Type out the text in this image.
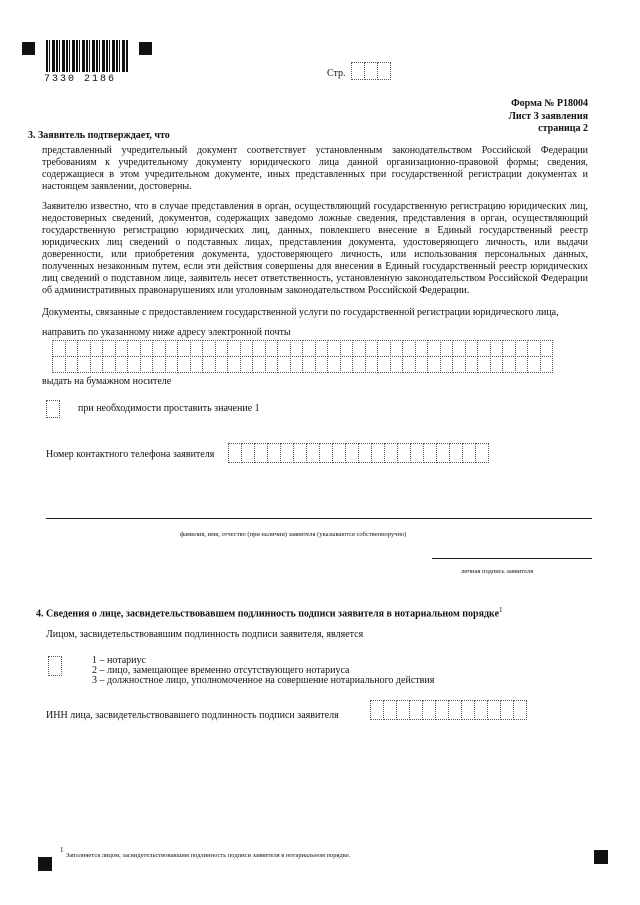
7330 2186
Стр.
Форма № Р18004
Лист З заявления
страница 2
3. Заявитель подтверждает, что
представленный учредительный документ соответствует установленным законодательством Российской Федерации
требованиям к учредительному документу юридического лица данной организационно-правовой формы; сведения,
содержащиеся в этом учредительном документе, иных представленных при государственной регистрации документах и
настоящем заявлении, достоверны.
Заявителю известно, что в случае представления в орган, осуществляющий государственную регистрацию юридических лиц,
недостоверных сведений, документов, содержащих заведомо ложные сведения, представления в орган, осуществляющий
государственную регистрацию юридических лиц, данных, повлекшего внесение в Единый государственный реестр
юридических лиц сведений о подставных лицах, представления документа, удостоверяющего личность, или выдачи
доверенности, или приобретения документа, удостоверяющего личность, или использования персональных данных,
полученных незаконным путем, если эти действия совершены для внесения в Единый государственный реестр юридических
лиц сведений о подставном лице, заявитель несет ответственность, установленную законодательством Российской Федерации
об административных правонарушениях или уголовным законодательством Российской Федерации.
Документы, связанные с предоставлением государственной услуги по государственной регистрации юридического лица,
направить по указанному ниже адресу электронной почты
выдать на бумажном носителе
при необходимости проставить значение 1
Номер контактного телефона заявителя
фамилия, имя, отчество (при наличии) заявителя (указываются собственноручно)
личная подпись заявителя
4. Сведения о лице, засвидетельствовавшем подлинность подписи заявителя в нотариальном порядке$^1$
Лицом, засвидетельствовавшим подлинность подписи заявителя, является
1 – нотариус
2 – лицо, замещающее временно отсутствующего нотариуса
3 – должностное лицо, уполномоченное на совершение нотариального действия
ИНН лица, засвидетельствовавшего подлинность подписи заявителя
1
Заполняется лицом, засвидетельствовавшим подлинность подписи заявителя в нотариальном порядке.
